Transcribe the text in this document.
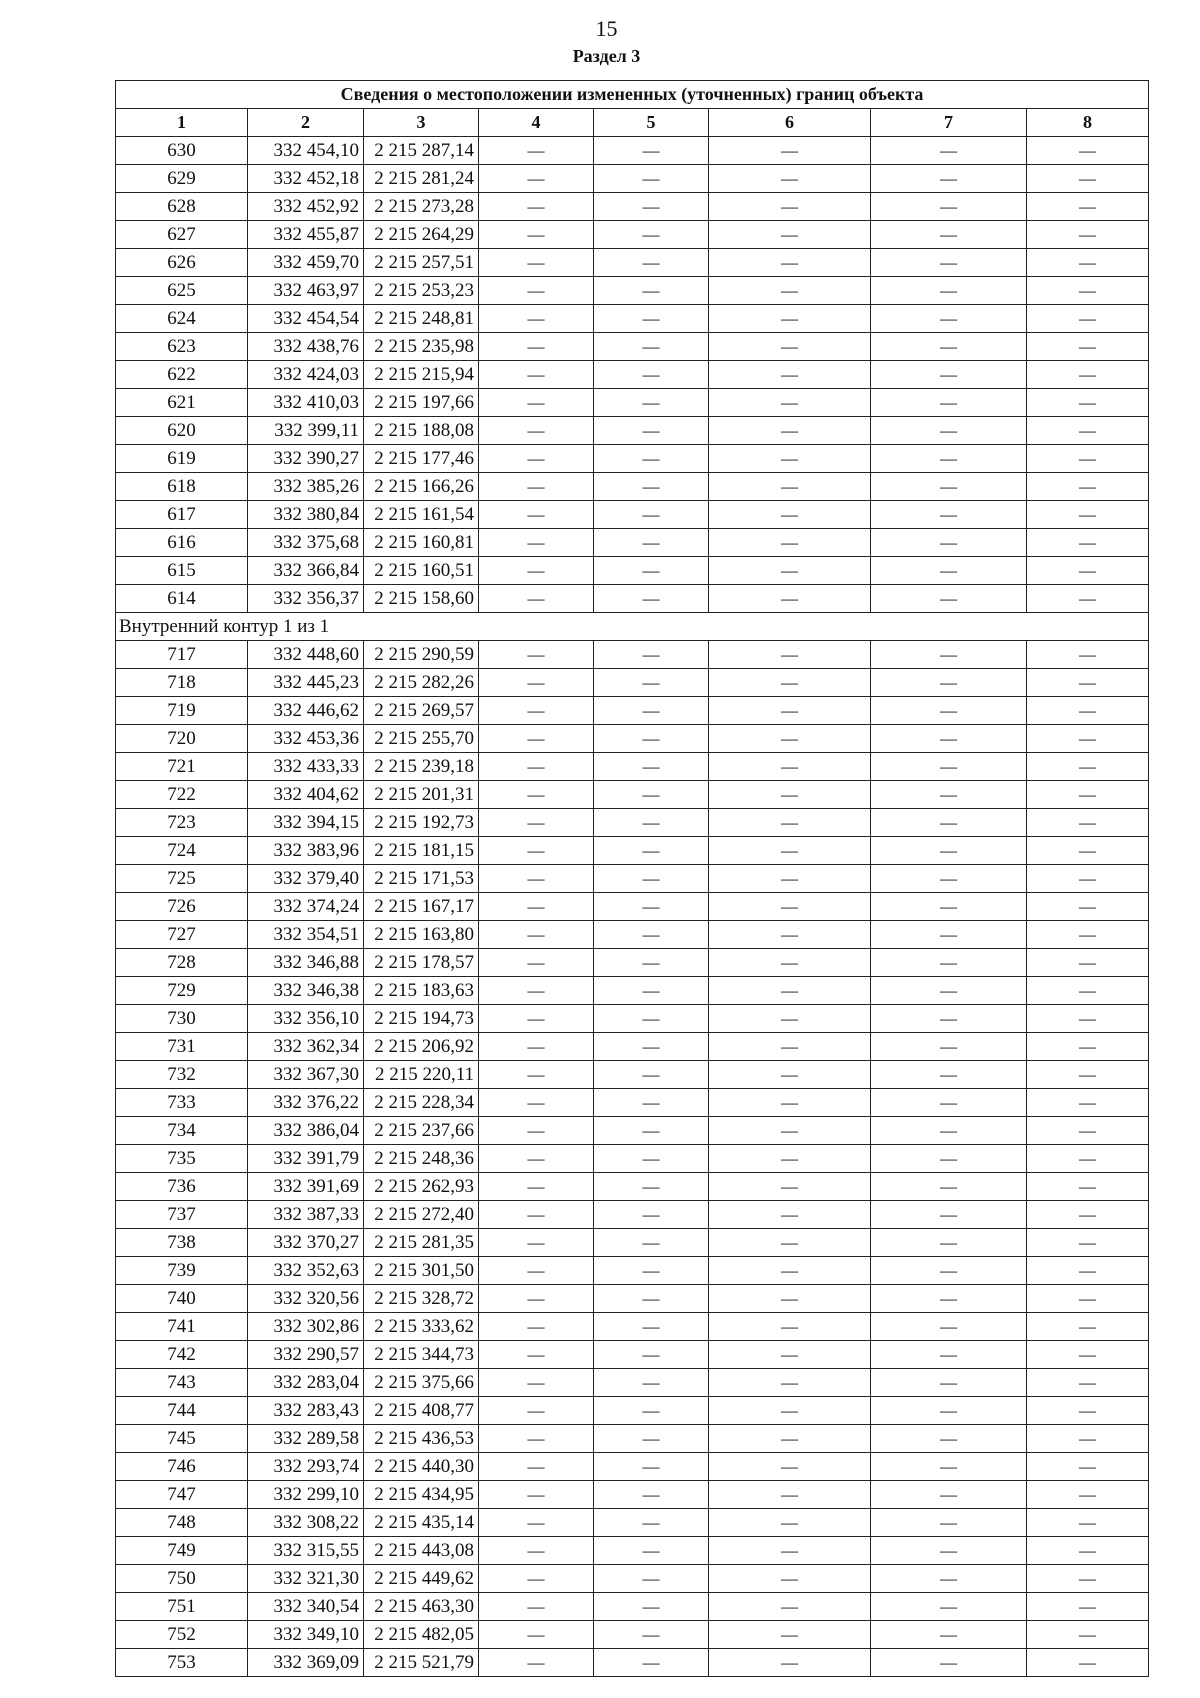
15
Раздел 3
Сведения о местоположении измененных (уточненных) границ объекта							
1	2	3	4	5	6	7	8
630	332 454,10	2 215 287,14	—	—	—	—	—
629	332 452,18	2 215 281,24	—	—	—	—	—
628	332 452,92	2 215 273,28	—	—	—	—	—
627	332 455,87	2 215 264,29	—	—	—	—	—
626	332 459,70	2 215 257,51	—	—	—	—	—
625	332 463,97	2 215 253,23	—	—	—	—	—
624	332 454,54	2 215 248,81	—	—	—	—	—
623	332 438,76	2 215 235,98	—	—	—	—	—
622	332 424,03	2 215 215,94	—	—	—	—	—
621	332 410,03	2 215 197,66	—	—	—	—	—
620	332 399,11	2 215 188,08	—	—	—	—	—
619	332 390,27	2 215 177,46	—	—	—	—	—
618	332 385,26	2 215 166,26	—	—	—	—	—
617	332 380,84	2 215 161,54	—	—	—	—	—
616	332 375,68	2 215 160,81	—	—	—	—	—
615	332 366,84	2 215 160,51	—	—	—	—	—
614	332 356,37	2 215 158,60	—	—	—	—	—
Внутренний контур 1 из 1							
717	332 448,60	2 215 290,59	—	—	—	—	—
718	332 445,23	2 215 282,26	—	—	—	—	—
719	332 446,62	2 215 269,57	—	—	—	—	—
720	332 453,36	2 215 255,70	—	—	—	—	—
721	332 433,33	2 215 239,18	—	—	—	—	—
722	332 404,62	2 215 201,31	—	—	—	—	—
723	332 394,15	2 215 192,73	—	—	—	—	—
724	332 383,96	2 215 181,15	—	—	—	—	—
725	332 379,40	2 215 171,53	—	—	—	—	—
726	332 374,24	2 215 167,17	—	—	—	—	—
727	332 354,51	2 215 163,80	—	—	—	—	—
728	332 346,88	2 215 178,57	—	—	—	—	—
729	332 346,38	2 215 183,63	—	—	—	—	—
730	332 356,10	2 215 194,73	—	—	—	—	—
731	332 362,34	2 215 206,92	—	—	—	—	—
732	332 367,30	2 215 220,11	—	—	—	—	—
733	332 376,22	2 215 228,34	—	—	—	—	—
734	332 386,04	2 215 237,66	—	—	—	—	—
735	332 391,79	2 215 248,36	—	—	—	—	—
736	332 391,69	2 215 262,93	—	—	—	—	—
737	332 387,33	2 215 272,40	—	—	—	—	—
738	332 370,27	2 215 281,35	—	—	—	—	—
739	332 352,63	2 215 301,50	—	—	—	—	—
740	332 320,56	2 215 328,72	—	—	—	—	—
741	332 302,86	2 215 333,62	—	—	—	—	—
742	332 290,57	2 215 344,73	—	—	—	—	—
743	332 283,04	2 215 375,66	—	—	—	—	—
744	332 283,43	2 215 408,77	—	—	—	—	—
745	332 289,58	2 215 436,53	—	—	—	—	—
746	332 293,74	2 215 440,30	—	—	—	—	—
747	332 299,10	2 215 434,95	—	—	—	—	—
748	332 308,22	2 215 435,14	—	—	—	—	—
749	332 315,55	2 215 443,08	—	—	—	—	—
750	332 321,30	2 215 449,62	—	—	—	—	—
751	332 340,54	2 215 463,30	—	—	—	—	—
752	332 349,10	2 215 482,05	—	—	—	—	—
753	332 369,09	2 215 521,79	—	—	—	—	—
